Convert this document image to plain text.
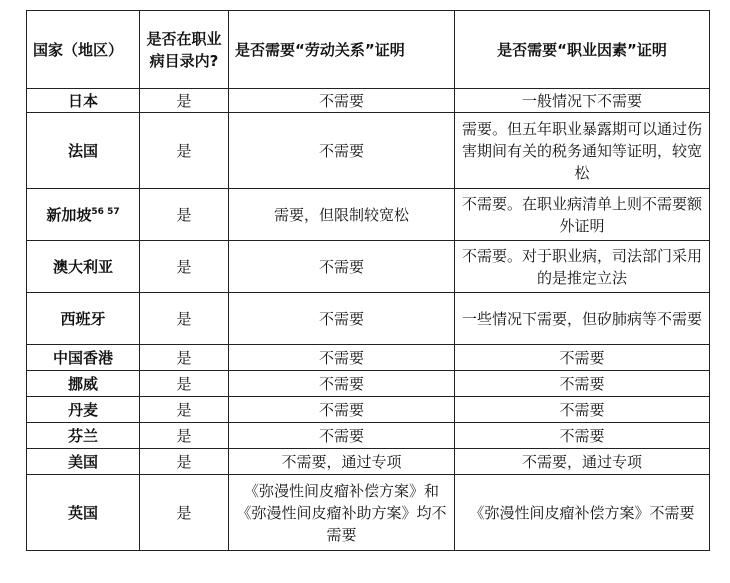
国家（地区）	是否在职业病目录内?	是否需要“劳动关系”证明	是否需要“职业因素”证明
日本	是	不需要	一般情况下不需要
法国	是	不需要	需要。但五年职业暴露期可以通过伤害期间有关的税务通知等证明，较宽松
新加坡$^{56 57}$	是	需要，但限制较宽松	不需要。在职业病清单上则不需要额外证明
澳大利亚	是	不需要	不需要。对于职业病，司法部门采用的是推定立法
西班牙	是	不需要	一些情况下需要，但矽肺病等不需要
中国香港	是	不需要	不需要
挪威	是	不需要	不需要
丹麦	是	不需要	不需要
芬兰	是	不需要	不需要
美国	是	不需要，通过专项	不需要，通过专项
英国	是	《弥漫性间皮瘤补偿方案》和《弥漫性间皮瘤补助方案》均不需要	《弥漫性间皮瘤补偿方案》不需要
